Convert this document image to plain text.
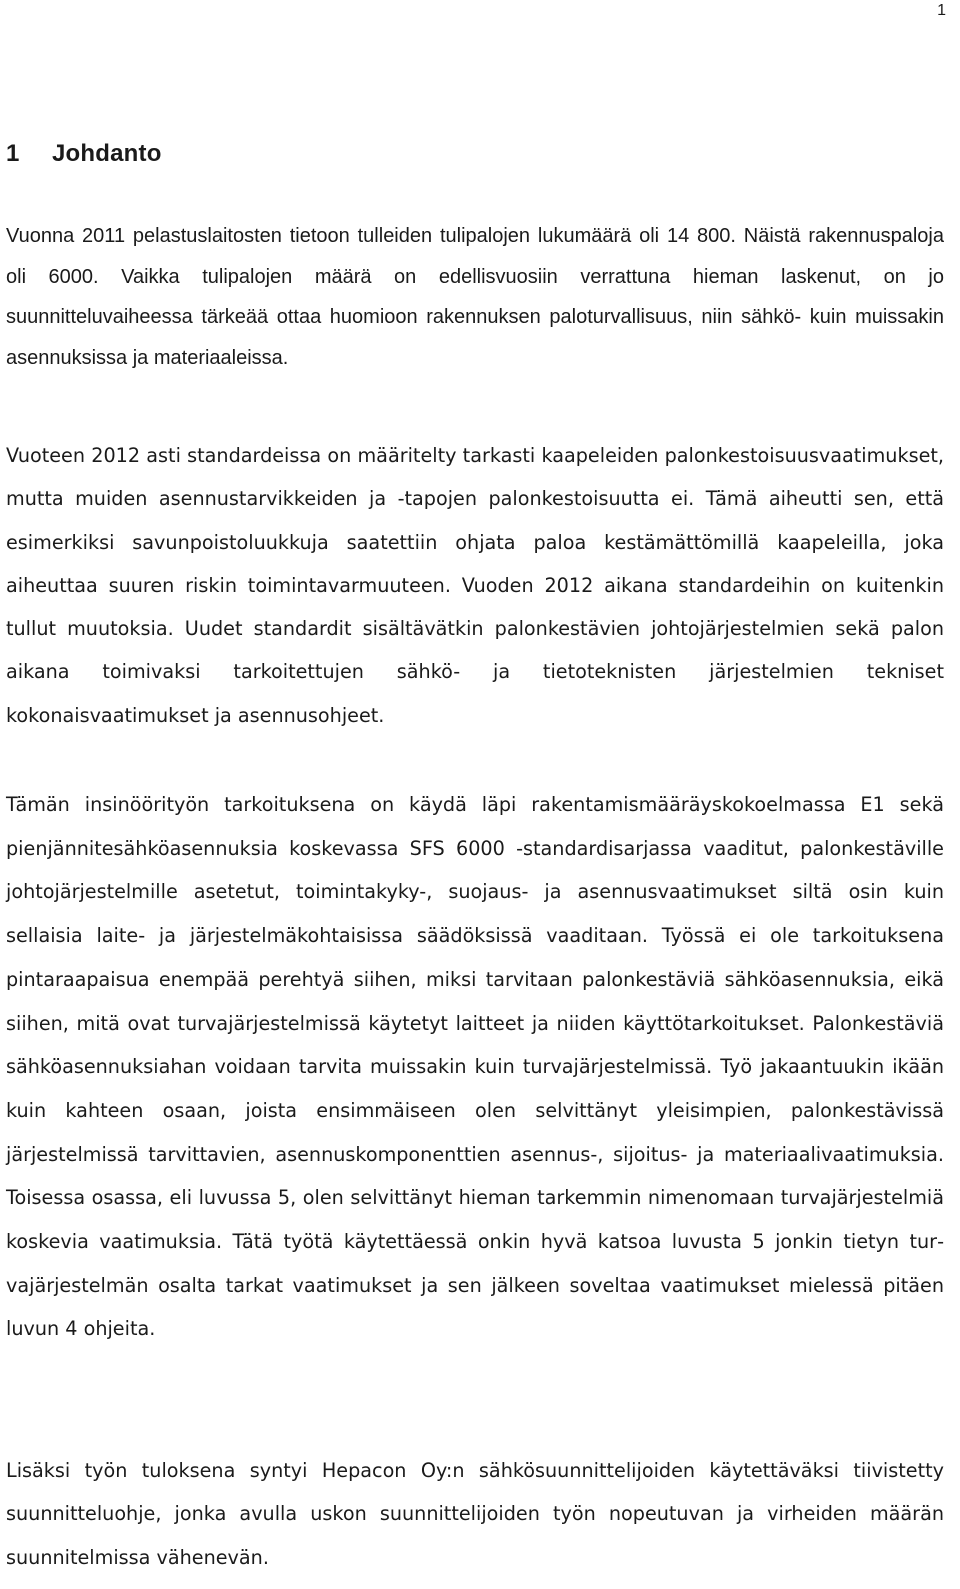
1
1 Johdanto

Vuonna 2011 pelastuslaitosten tietoon tulleiden tulipalojen lukumäärä oli 14 800. Näistä rakennuspaloja oli 6000. Vaikka tulipalojen määrä on edellisvuosiin verrattuna hieman laskenut, on jo suunnitteluvaiheessa tärkeää ottaa huomioon rakennuksen paloturvallisuus, niin sähkö- kuin muissakin asennuksissa ja materiaaleissa.

Vuoteen 2012 asti standardeissa on määritelty tarkasti kaapeleiden palonkestoisuusvaatimukset, mutta muiden asennustarvikkeiden ja -tapojen palonkestoisuutta ei. Tämä aiheutti sen, että esimerkiksi savunpoistoluukkuja saatettiin ohjata paloa kestämättömillä kaapeleilla, joka aiheuttaa suuren riskin toimintavarmuuteen. Vuoden 2012 aikana standardeihin on kuitenkin tullut muutoksia. Uudet standardit sisältävätkin palonkestävien johtojärjestelmien sekä palon aikana toimivaksi tarkoitettujen sähkö- ja tietoteknisten järjestelmien tekniset kokonaisvaatimukset ja asennusohjeet.

Tämän insinöörityön tarkoituksena on käydä läpi rakentamismääräyskokoelmassa E1 sekä pienjännitesähköasennuksia koskevassa SFS 6000 -standardisarjassa vaaditut, palonkestäville johtojärjestelmille asetetut, toimintakyky-, suojaus- ja asennusvaatimukset siltä osin kuin sellaisia laite- ja järjestelmäkohtaisissa säädöksissä vaaditaan. Työssä ei ole tarkoituksena pintaraapaisua enempää perehtyä siihen, miksi tarvitaan palonkestäviä sähköasennuksia, eikä siihen, mitä ovat turvajärjestelmissä käytetyt laitteet ja niiden käyttötarkoitukset. Palonkestäviä sähköasennuksiahan voidaan tarvita muissakin kuin turvajärjestelmissä. Työ jakaantuukin ikään kuin kahteen osaan, joista ensimmäiseen olen selvittänyt yleisimpien, palonkestävissä järjestelmissä tarvittavien, asennuskomponenttien asennus-, sijoitus- ja materiaalivaatimuksia. Toisessa osassa, eli luvussa 5, olen selvittänyt hieman tarkemmin nimenomaan turvajärjestelmiä koskevia vaatimuksia. Tätä työtä käytettäessä onkin hyvä katsoa luvusta 5 jonkin tietyn turvajärjestelmän osalta tarkat vaatimukset ja sen jälkeen soveltaa vaatimukset mielessä pitäen luvun 4 ohjeita.

Lisäksi työn tuloksena syntyi Hepacon Oy:n sähkösuunnittelijoiden käytettäväksi tiivistetty suunnitteluohje, jonka avulla uskon suunnittelijoiden työn nopeutuvan ja virheiden määrän suunnitelmissa vähenevän.
